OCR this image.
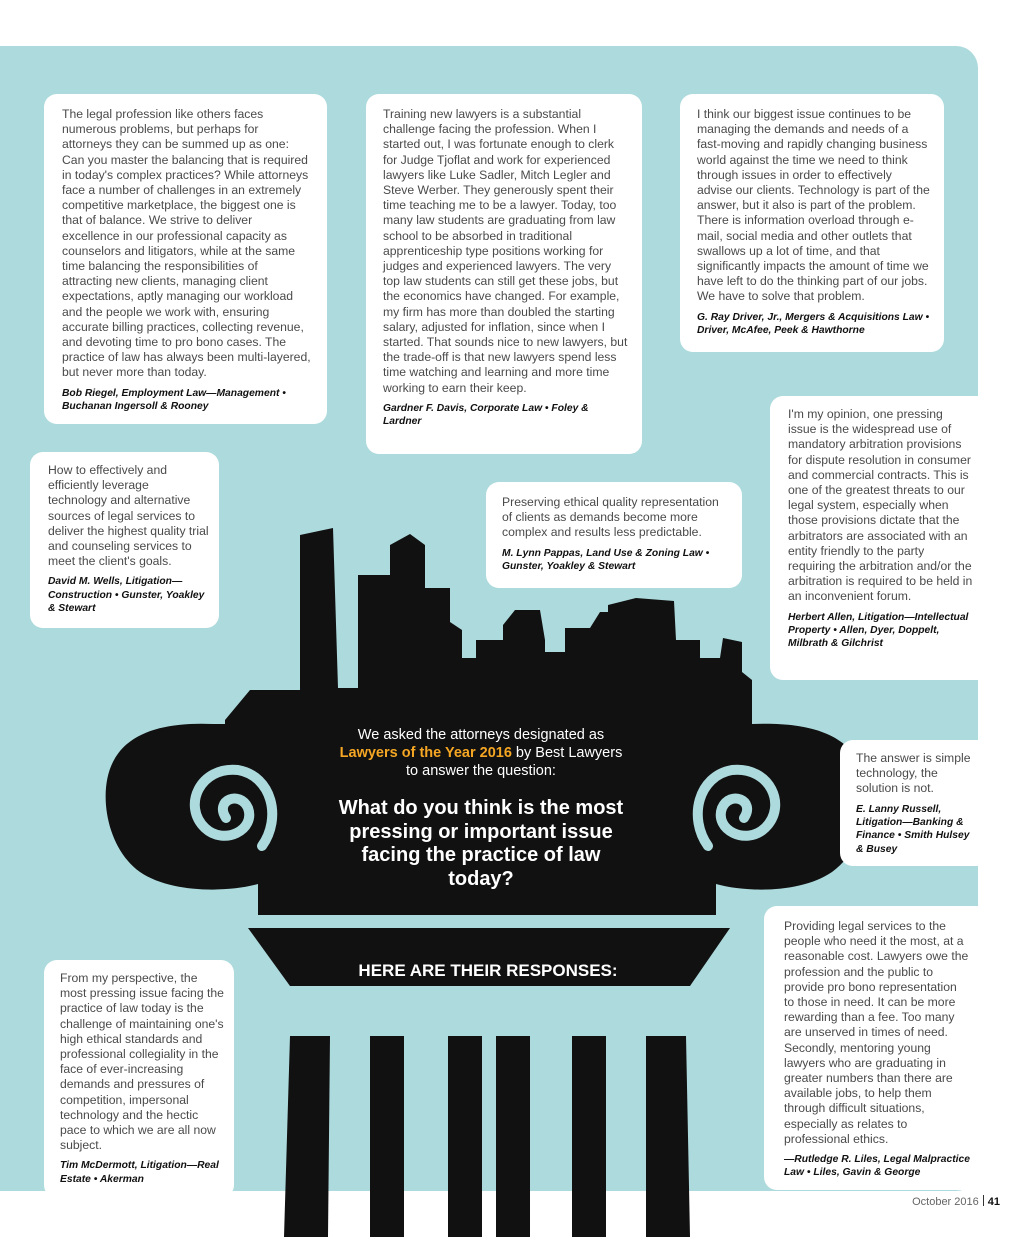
The legal profession like others faces numerous problems, but perhaps for attorneys they can be summed up as one: Can you master the balancing that is required in today's complex practices? While attorneys face a number of challenges in an extremely competitive marketplace, the biggest one is that of balance. We strive to deliver excellence in our professional capacity as counselors and litigators, while at the same time balancing the responsibilities of attracting new clients, managing client expectations, aptly managing our workload and the people we work with, ensuring accurate billing practices, collecting revenue, and devoting time to pro bono cases. The practice of law has always been multi-layered, but never more than today.

Bob Riegel, Employment Law—Management • Buchanan Ingersoll & Rooney

Training new lawyers is a substantial challenge facing the profession. When I started out, I was fortunate enough to clerk for Judge Tjoflat and work for experienced lawyers like Luke Sadler, Mitch Legler and Steve Werber. They generously spent their time teaching me to be a lawyer. Today, too many law students are graduating from law school to be absorbed in traditional apprenticeship type positions working for judges and experienced lawyers. The very top law students can still get these jobs, but the economics have changed. For example, my firm has more than doubled the starting salary, adjusted for inflation, since when I started. That sounds nice to new lawyers, but the trade-off is that new lawyers spend less time watching and learning and more time working to earn their keep.

Gardner F. Davis, Corporate Law • Foley & Lardner

I think our biggest issue continues to be managing the demands and needs of a fast-moving and rapidly changing business world against the time we need to think through issues in order to effectively advise our clients. Technology is part of the answer, but it also is part of the problem. There is information overload through e-mail, social media and other outlets that swallows up a lot of time, and that significantly impacts the amount of time we have left to do the thinking part of our jobs. We have to solve that problem.

G. Ray Driver, Jr., Mergers & Acquisitions Law • Driver, McAfee, Peek & Hawthorne

I'm my opinion, one pressing issue is the widespread use of mandatory arbitration provisions for dispute resolution in consumer and commercial contracts. This is one of the greatest threats to our legal system, especially when those provisions dictate that the arbitrators are associated with an entity friendly to the party requiring the arbitration and/or the arbitration is required to be held in an inconvenient forum.

Herbert Allen, Litigation—Intellectual Property • Allen, Dyer, Doppelt, Milbrath & Gilchrist

How to effectively and efficiently leverage technology and alternative sources of legal services to deliver the highest quality trial and counseling services to meet the client's goals.

David M. Wells, Litigation—Construction • Gunster, Yoakley & Stewart

Preserving ethical quality representation of clients as demands become more complex and results less predictable.

M. Lynn Pappas, Land Use & Zoning Law • Gunster, Yoakley & Stewart

The answer is simple technology, the solution is not.

E. Lanny Russell, Litigation—Banking & Finance • Smith Hulsey & Busey

Providing legal services to the people who need it the most, at a reasonable cost. Lawyers owe the profession and the public to provide pro bono representation to those in need. It can be more rewarding than a fee. Too many are unserved in times of need. Secondly, mentoring young lawyers who are graduating in greater numbers than there are available jobs, to help them through difficult situations, especially as relates to professional ethics.

—Rutledge R. Liles, Legal Malpractice Law • Liles, Gavin & George

From my perspective, the most pressing issue facing the practice of law today is the challenge of maintaining one's high ethical standards and professional collegiality in the face of ever-increasing demands and pressures of competition, impersonal technology and the hectic pace to which we are all now subject.

Tim McDermott, Litigation—Real Estate • Akerman
We asked the attorneys designated as
Lawyers of the Year 2016 by Best Lawyers to answer the question:
What do you think is the most pressing or important issue facing the practice of law today?
HERE ARE THEIR RESPONSES:
October 2016 41
